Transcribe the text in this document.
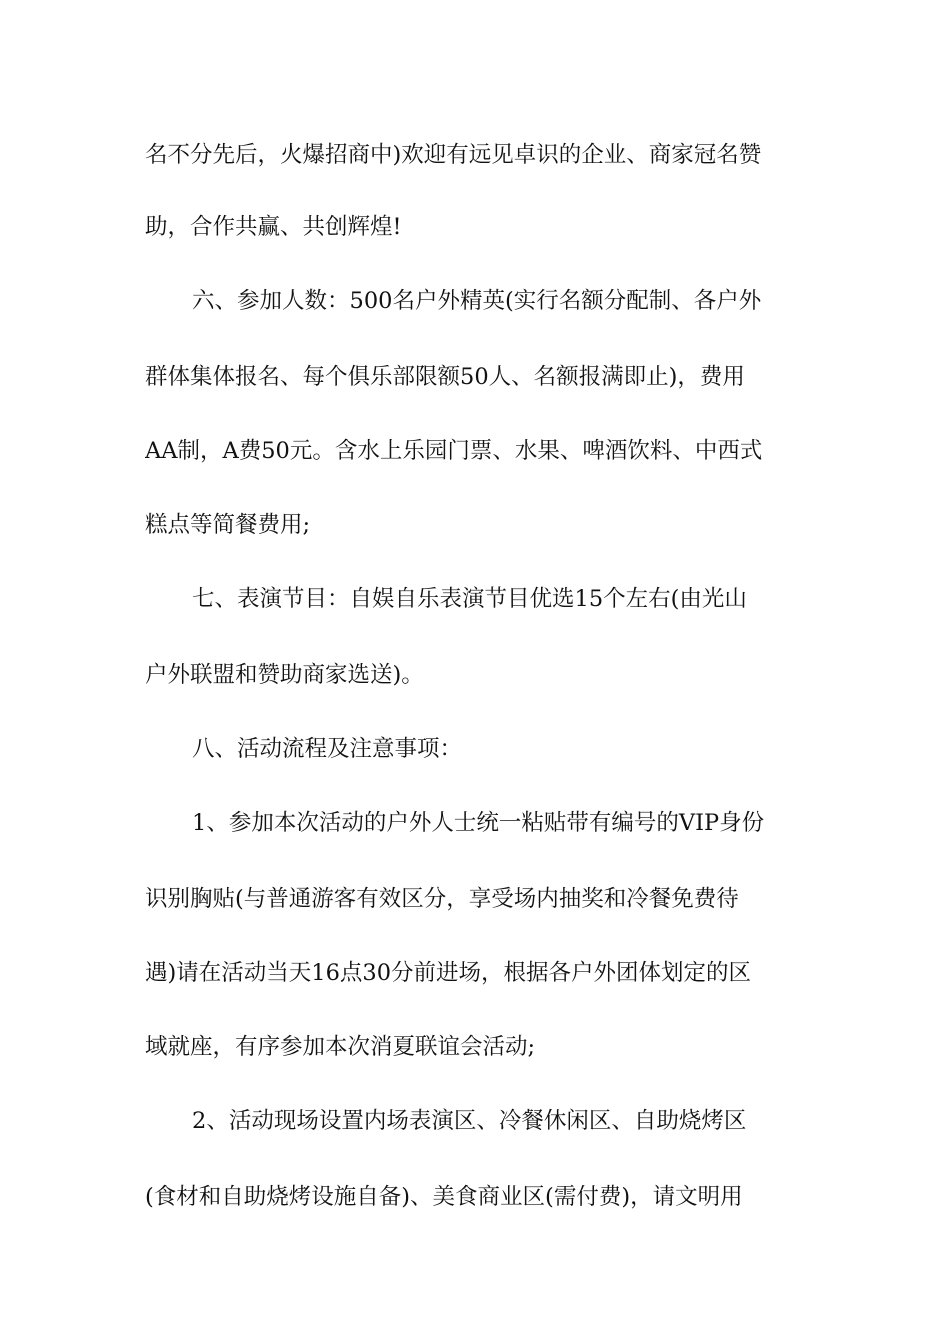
名不分先后，火爆招商中)欢迎有远见卓识的企业、商家冠名赞
助，合作共赢、共创辉煌!
六、参加人数：500名户外精英(实行名额分配制、各户外
群体集体报名、每个俱乐部限额50人、名额报满即止)，费用
AA制，A费50元。含水上乐园门票、水果、啤酒饮料、中西式
糕点等简餐费用;
七、表演节目：自娱自乐表演节目优选15个左右(由光山
户外联盟和赞助商家选送)。
八、活动流程及注意事项：
1、参加本次活动的户外人士统一粘贴带有编号的VIP身份
识别胸贴(与普通游客有效区分，享受场内抽奖和冷餐免费待
遇)请在活动当天16点30分前进场，根据各户外团体划定的区
域就座，有序参加本次消夏联谊会活动;
2、活动现场设置内场表演区、冷餐休闲区、自助烧烤区
(食材和自助烧烤设施自备)、美食商业区(需付费)，请文明用
